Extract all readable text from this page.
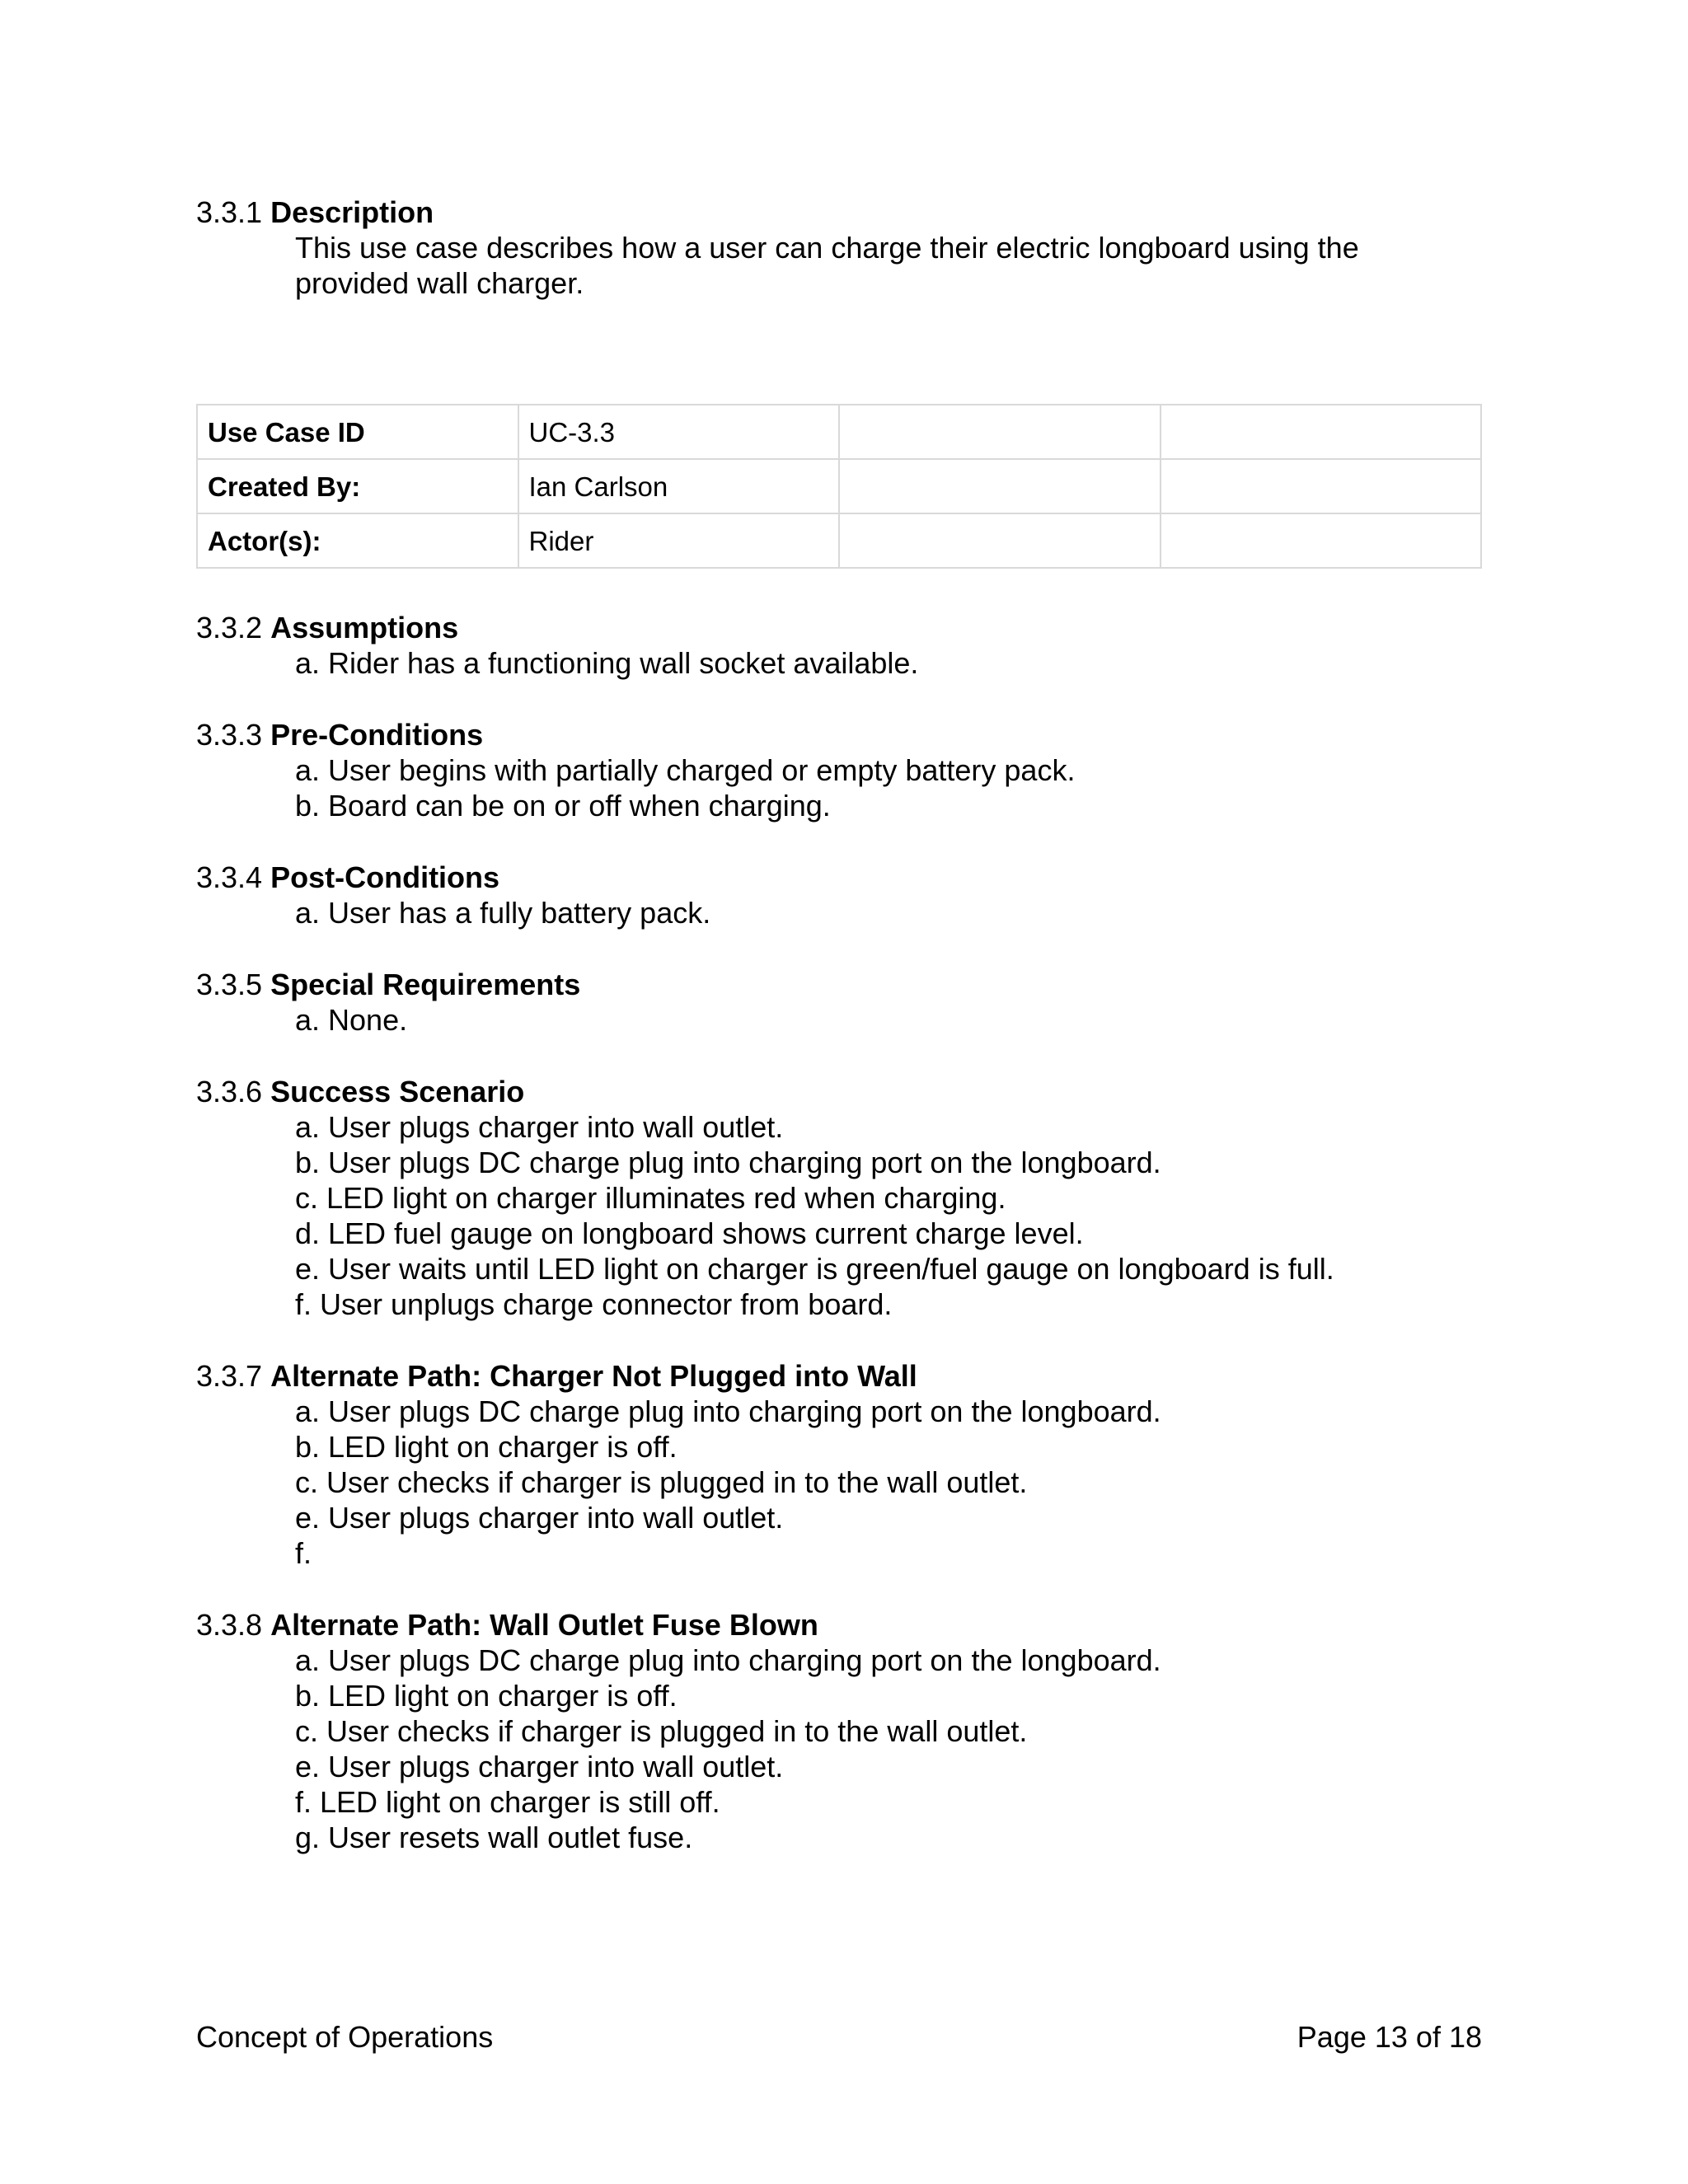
3.3.1 Description
This use case describes how a user can charge their electric longboard using the
provided wall charger.
Use Case ID	UC-3.3		
Created By:	Ian Carlson		
Actor(s):	Rider		
3.3.2 Assumptions
a. Rider has a functioning wall socket available.
3.3.3 Pre-Conditions
a. User begins with partially charged or empty battery pack.
b. Board can be on or off when charging.
3.3.4 Post-Conditions
a. User has a fully battery pack.
3.3.5 Special Requirements
a. None.
3.3.6 Success Scenario
a. User plugs charger into wall outlet.
b. User plugs DC charge plug into charging port on the longboard.
c. LED light on charger illuminates red when charging.
d. LED fuel gauge on longboard shows current charge level.
e. User waits until LED light on charger is green/fuel gauge on longboard is full.
f. User unplugs charge connector from board.
3.3.7 Alternate Path: Charger Not Plugged into Wall
a. User plugs DC charge plug into charging port on the longboard.
b. LED light on charger is off.
c. User checks if charger is plugged in to the wall outlet.
e. User plugs charger into wall outlet.
f.
3.3.8 Alternate Path: Wall Outlet Fuse Blown
a. User plugs DC charge plug into charging port on the longboard.
b. LED light on charger is off.
c. User checks if charger is plugged in to the wall outlet.
e. User plugs charger into wall outlet.
f. LED light on charger is still off.
g. User resets wall outlet fuse.
Concept of Operations	Page 13 of 18
